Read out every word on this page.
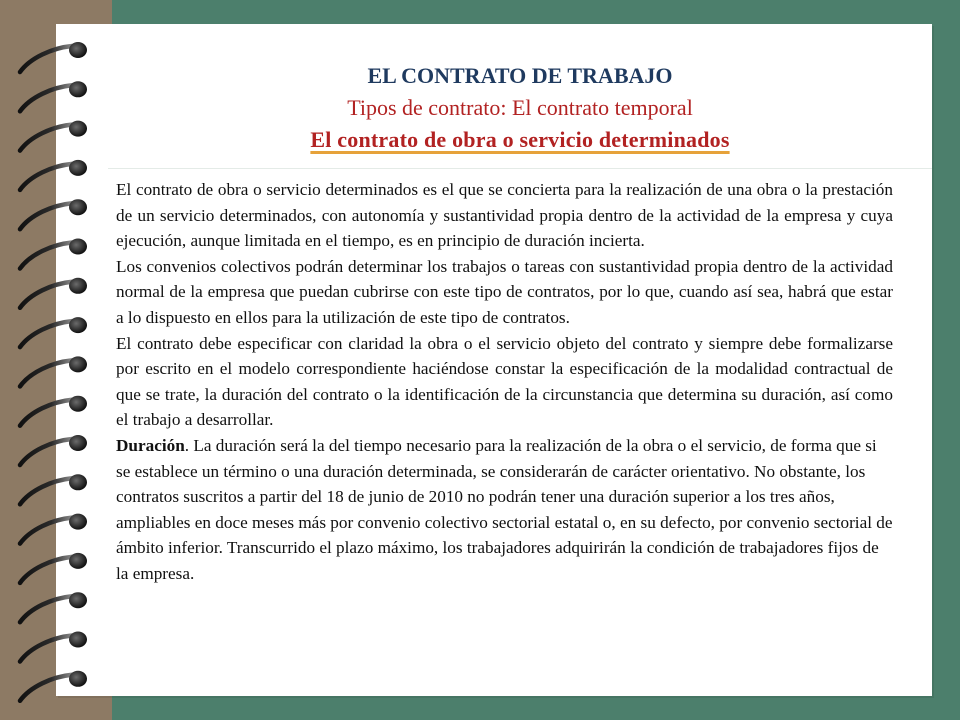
EL CONTRATO DE TRABAJO
Tipos de contrato: El contrato temporal
El contrato de obra o servicio determinados

El contrato de obra o servicio determinados es el que se concierta para la realización de una obra o la prestación de un servicio determinados, con autonomía y sustantividad propia dentro de la actividad de la empresa y cuya ejecución, aunque limitada en el tiempo, es en principio de duración incierta.

Los convenios colectivos podrán determinar los trabajos o tareas con sustantividad propia dentro de la actividad normal de la empresa que puedan cubrirse con este tipo de contratos, por lo que, cuando así sea, habrá que estar a lo dispuesto en ellos para la utilización de este tipo de contratos.

El contrato debe especificar con claridad la obra o el servicio objeto del contrato y siempre debe formalizarse por escrito en el modelo correspondiente haciéndose constar la especificación de la modalidad contractual de que se trate, la duración del contrato o la identificación de la circunstancia que determina su duración, así como el trabajo a desarrollar.

Duración. La duración será la del tiempo necesario para la realización de la obra o el servicio, de forma que si se establece un término o una duración determinada, se considerarán de carácter orientativo. No obstante, los contratos suscritos a partir del 18 de junio de 2010 no podrán tener una duración superior a los tres años, ampliables en doce meses más por convenio colectivo sectorial estatal o, en su defecto, por convenio sectorial de ámbito inferior. Transcurrido el plazo máximo, los trabajadores adquirirán la condición de trabajadores fijos de la empresa.
